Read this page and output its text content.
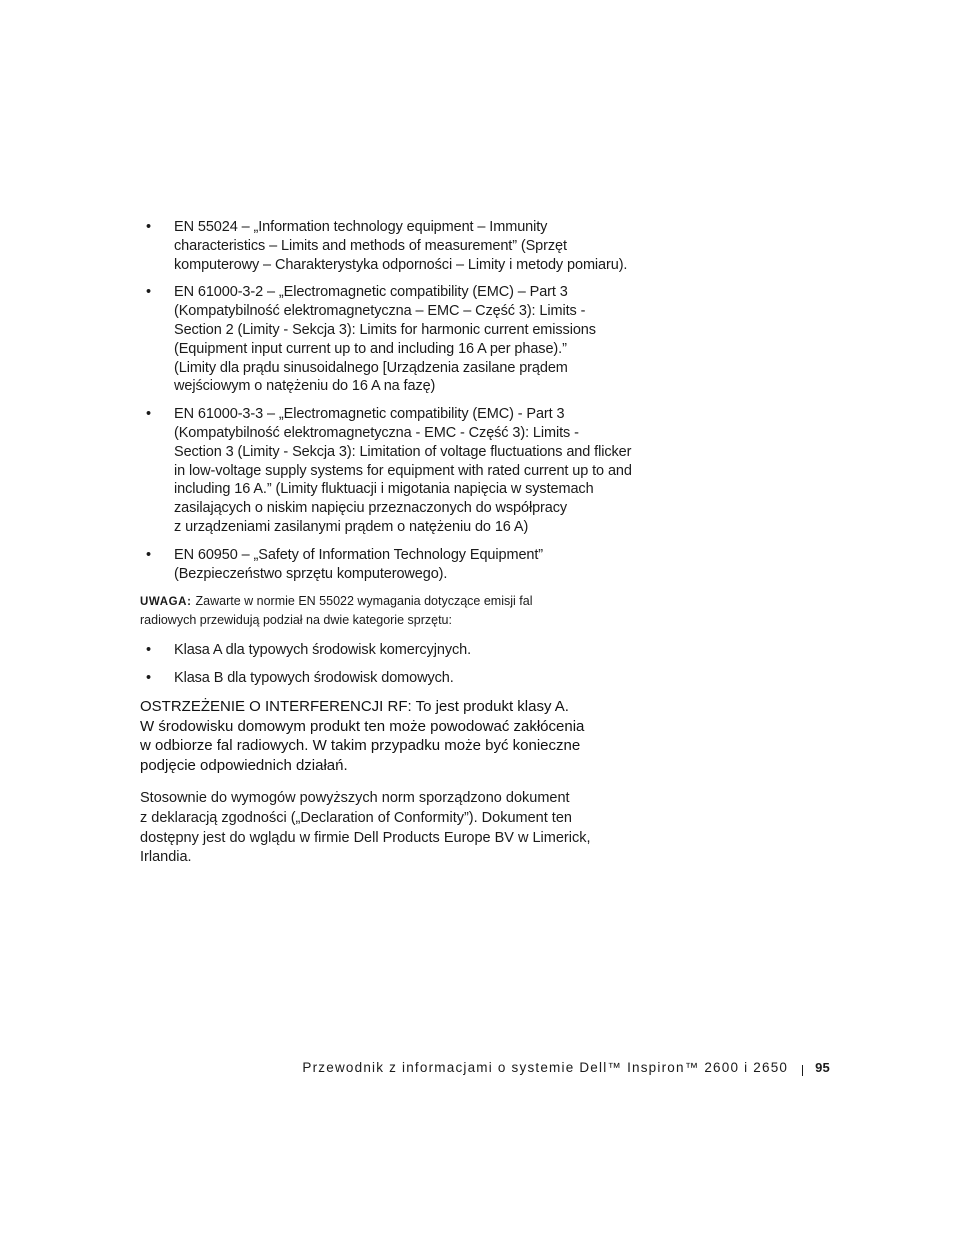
• EN 55024 – „Information technology equipment – Immunity
characteristics – Limits and methods of measurement” (Sprzęt
komputerowy – Charakterystyka odporności – Limity i metody pomiaru).
• EN 61000-3-2 – „Electromagnetic compatibility (EMC) – Part 3
(Kompatybilność elektromagnetyczna – EMC – Część 3): Limits -
Section 2 (Limity - Sekcja 3): Limits for harmonic current emissions
(Equipment input current up to and including 16 A per phase).”
(Limity dla prądu sinusoidalnego [Urządzenia zasilane prądem
wejściowym o natężeniu do 16 A na fazę)
• EN 61000-3-3 – „Electromagnetic compatibility (EMC) - Part 3
(Kompatybilność elektromagnetyczna - EMC - Część 3): Limits -
Section 3 (Limity - Sekcja 3): Limitation of voltage fluctuations and flicker
in low-voltage supply systems for equipment with rated current up to and
including 16 A.” (Limity fluktuacji i migotania napięcia w systemach
zasilających o niskim napięciu przeznaczonych do współpracy
z urządzeniami zasilanymi prądem o natężeniu do 16 A)
• EN 60950 – „Safety of Information Technology Equipment”
(Bezpieczeństwo sprzętu komputerowego).
UWAGA: Zawarte w normie EN 55022 wymagania dotyczące emisji fal
radiowych przewidują podział na dwie kategorie sprzętu:
• Klasa A dla typowych środowisk komercyjnych.
• Klasa B dla typowych środowisk domowych.
OSTRZEŻENIE O INTERFERENCJI RF: To jest produkt klasy A.
W środowisku domowym produkt ten może powodować zakłócenia
w odbiorze fal radiowych. W takim przypadku może być konieczne
podjęcie odpowiednich działań.
Stosownie do wymogów powyższych norm sporządzono dokument
z deklaracją zgodności („Declaration of Conformity”). Dokument ten
dostępny jest do wglądu w firmie Dell Products Europe BV w Limerick,
Irlandia.
Przewodnik z informacjami o systemie Dell™ Inspiron™ 2600 i 2650 95
